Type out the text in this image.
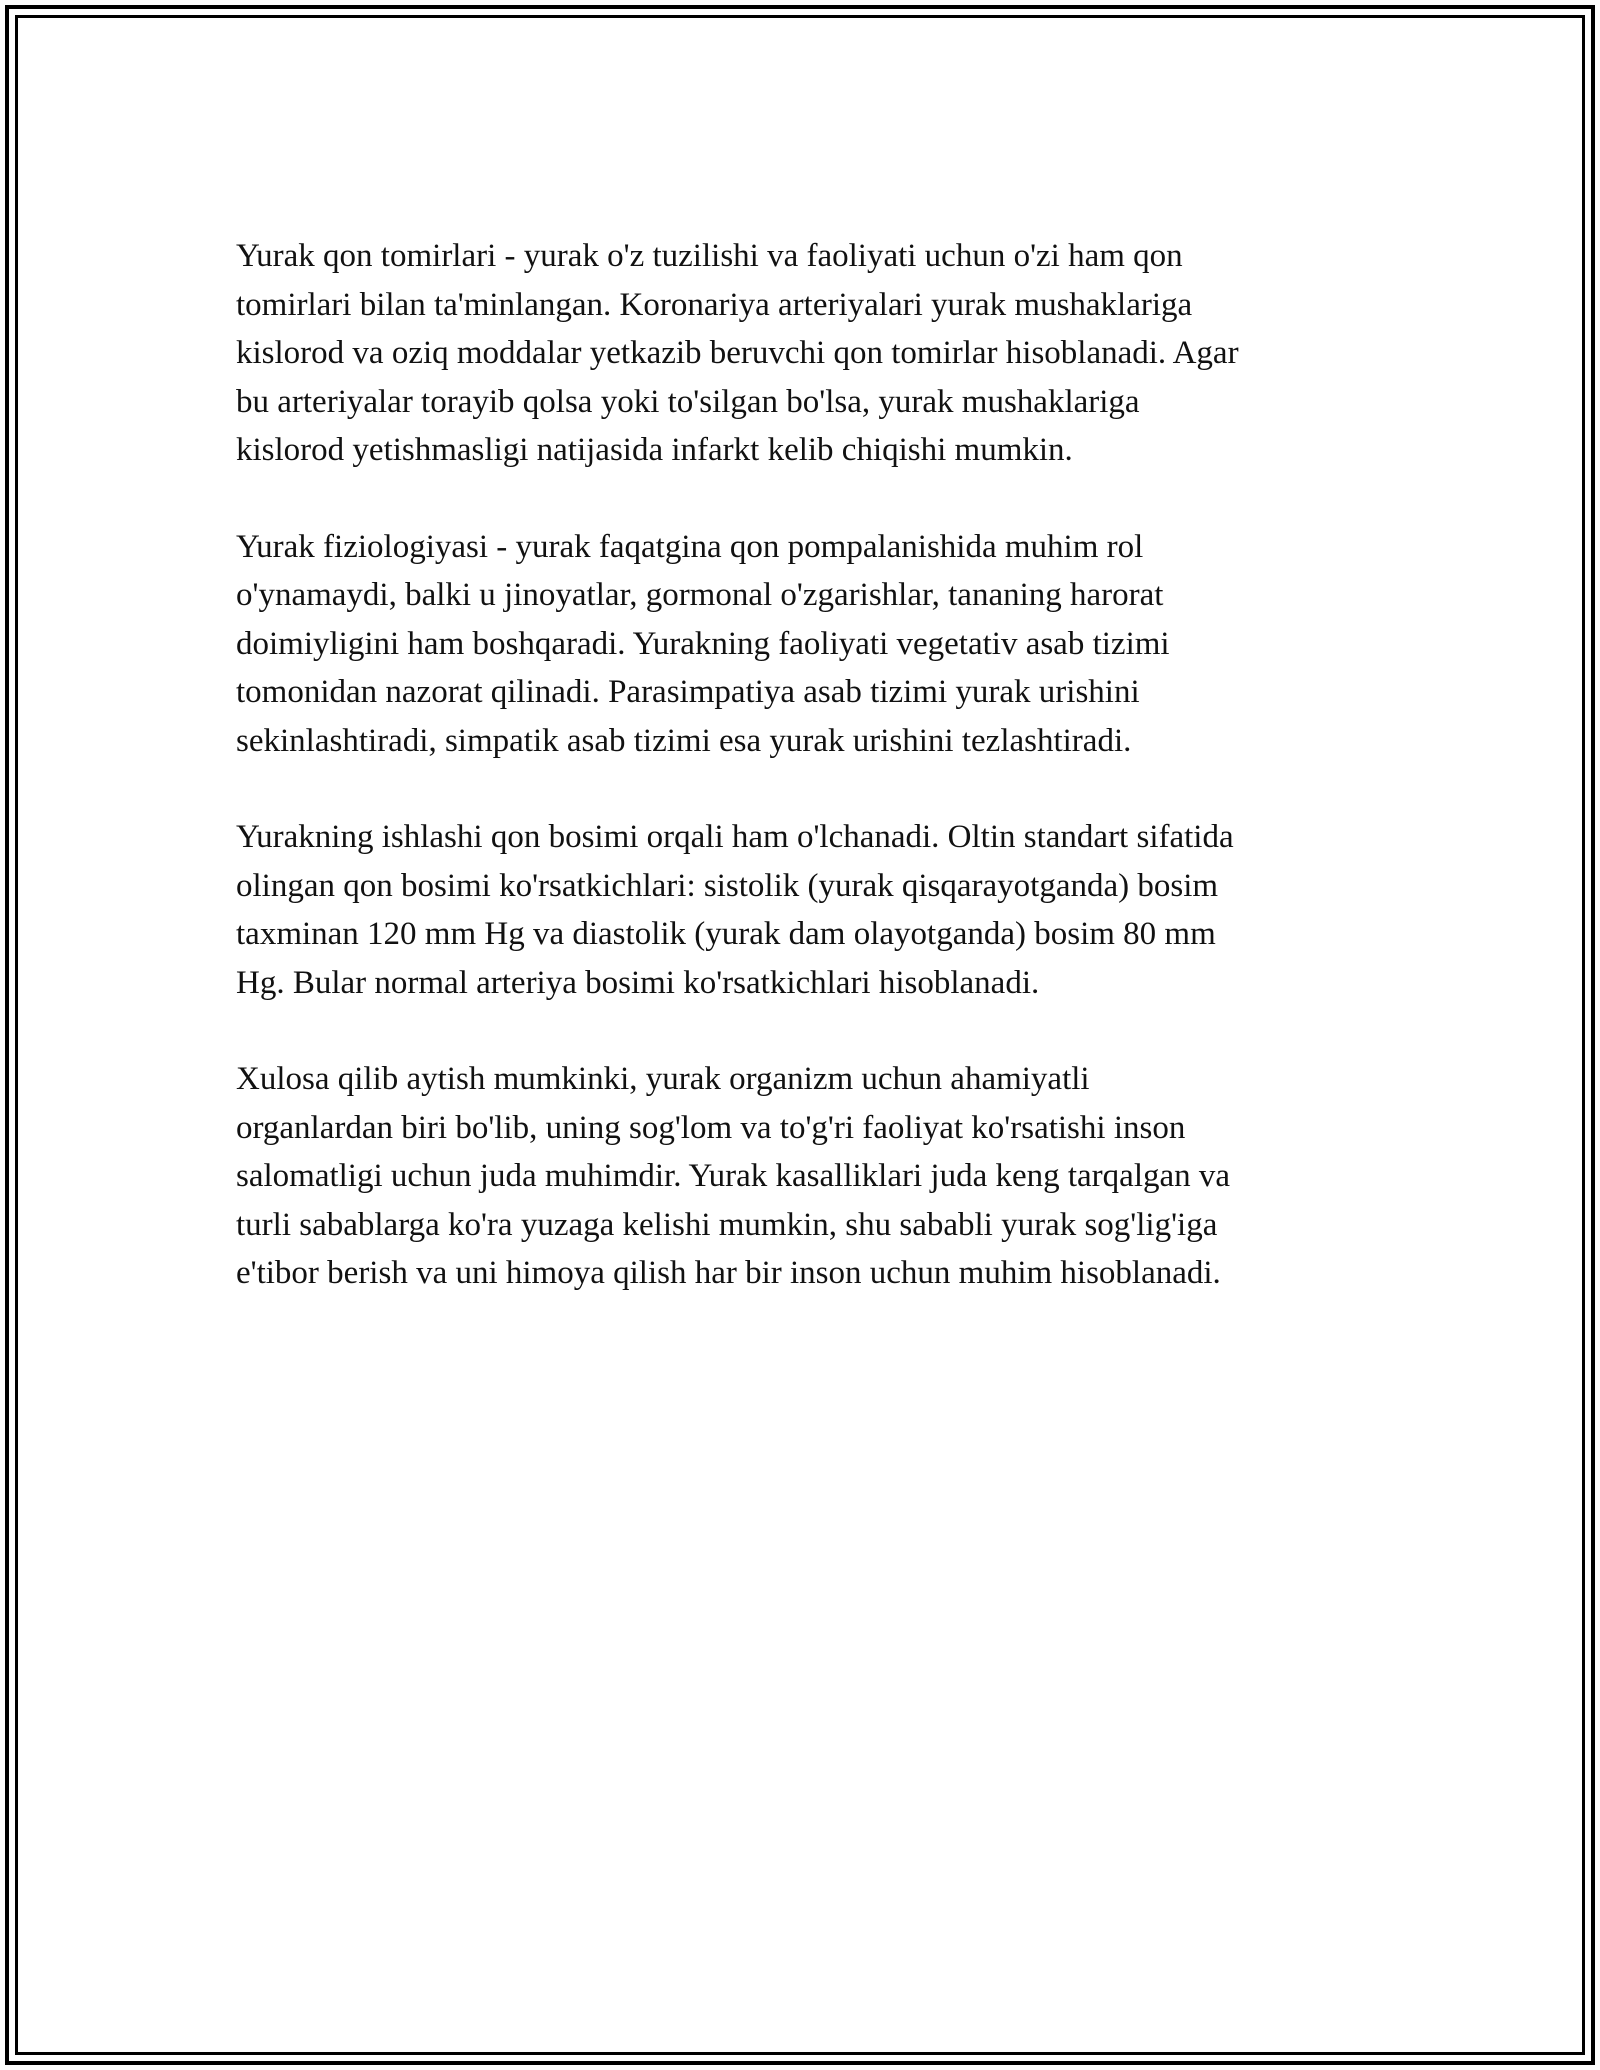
Yurak qon tomirlari - yurak o'z tuzilishi va faoliyati uchun o'zi ham qon
tomirlari bilan ta'minlangan. Koronariya arteriyalari yurak mushaklariga
kislorod va oziq moddalar yetkazib beruvchi qon tomirlar hisoblanadi. Agar
bu arteriyalar torayib qolsa yoki to'silgan bo'lsa, yurak mushaklariga
kislorod yetishmasligi natijasida infarkt kelib chiqishi mumkin.

Yurak fiziologiyasi - yurak faqatgina qon pompalanishida muhim rol
o'ynamaydi, balki u jinoyatlar, gormonal o'zgarishlar, tananing harorat
doimiyligini ham boshqaradi. Yurakning faoliyati vegetativ asab tizimi
tomonidan nazorat qilinadi. Parasimpatiya asab tizimi yurak urishini
sekinlashtiradi, simpatik asab tizimi esa yurak urishini tezlashtiradi.

Yurakning ishlashi qon bosimi orqali ham o'lchanadi. Oltin standart sifatida
olingan qon bosimi ko'rsatkichlari: sistolik (yurak qisqarayotganda) bosim
taxminan 120 mm Hg va diastolik (yurak dam olayotganda) bosim 80 mm
Hg. Bular normal arteriya bosimi ko'rsatkichlari hisoblanadi.

Xulosa qilib aytish mumkinki, yurak organizm uchun ahamiyatli
organlardan biri bo'lib, uning sog'lom va to'g'ri faoliyat ko'rsatishi inson
salomatligi uchun juda muhimdir. Yurak kasalliklari juda keng tarqalgan va
turli sabablarga ko'ra yuzaga kelishi mumkin, shu sababli yurak sog'lig'iga
e'tibor berish va uni himoya qilish har bir inson uchun muhim hisoblanadi.
